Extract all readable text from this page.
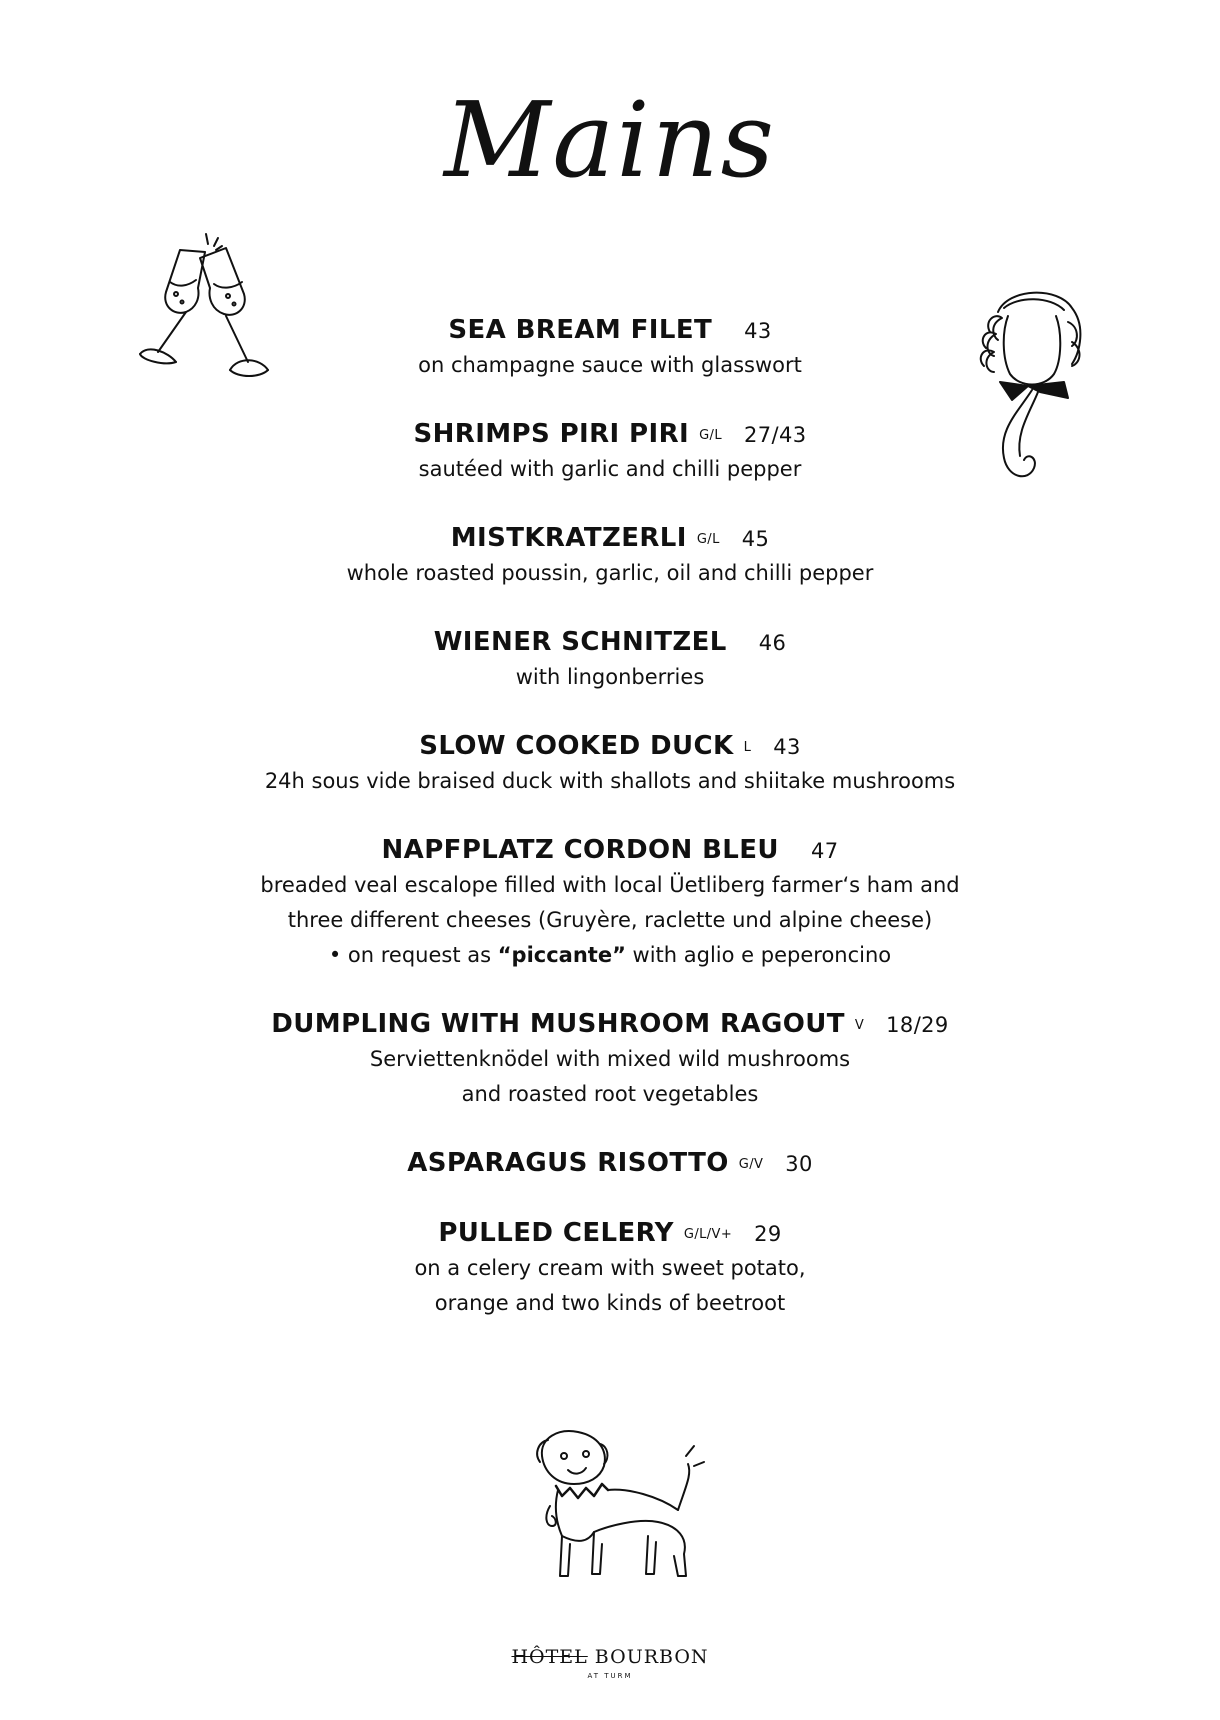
Mains
SEA BREAM FILET 43
on champagne sauce with glasswort
SHRIMPS PIRI PIRI $^{G/L}$ 27/43
sautéed with garlic and chilli pepper
MISTKRATZERLI $^{G/L}$ 45
whole roasted poussin, garlic, oil and chilli pepper
WIENER SCHNITZEL 46
with lingonberries
SLOW COOKED DUCK $^L$ 43
24h sous vide braised duck with shallots and shiitake mushrooms
NAPFPLATZ CORDON BLEU 47
breaded veal escalope filled with local Üetliberg farmer‘s ham and
three different cheeses (Gruyère, raclette und alpine cheese)
• on request as “piccante” with aglio e peperoncino
DUMPLING WITH MUSHROOM RAGOUT $^V$ 18/29
Serviettenknödel with mixed wild mushrooms
and roasted root vegetables
ASPARAGUS RISOTTO $^{G/V}$ 30
PULLED CELERY $^{G/L/V+}$ 29
on a celery cream with sweet potato,
orange and two kinds of beetroot
HÔTEL BOURBON
AT TURM
